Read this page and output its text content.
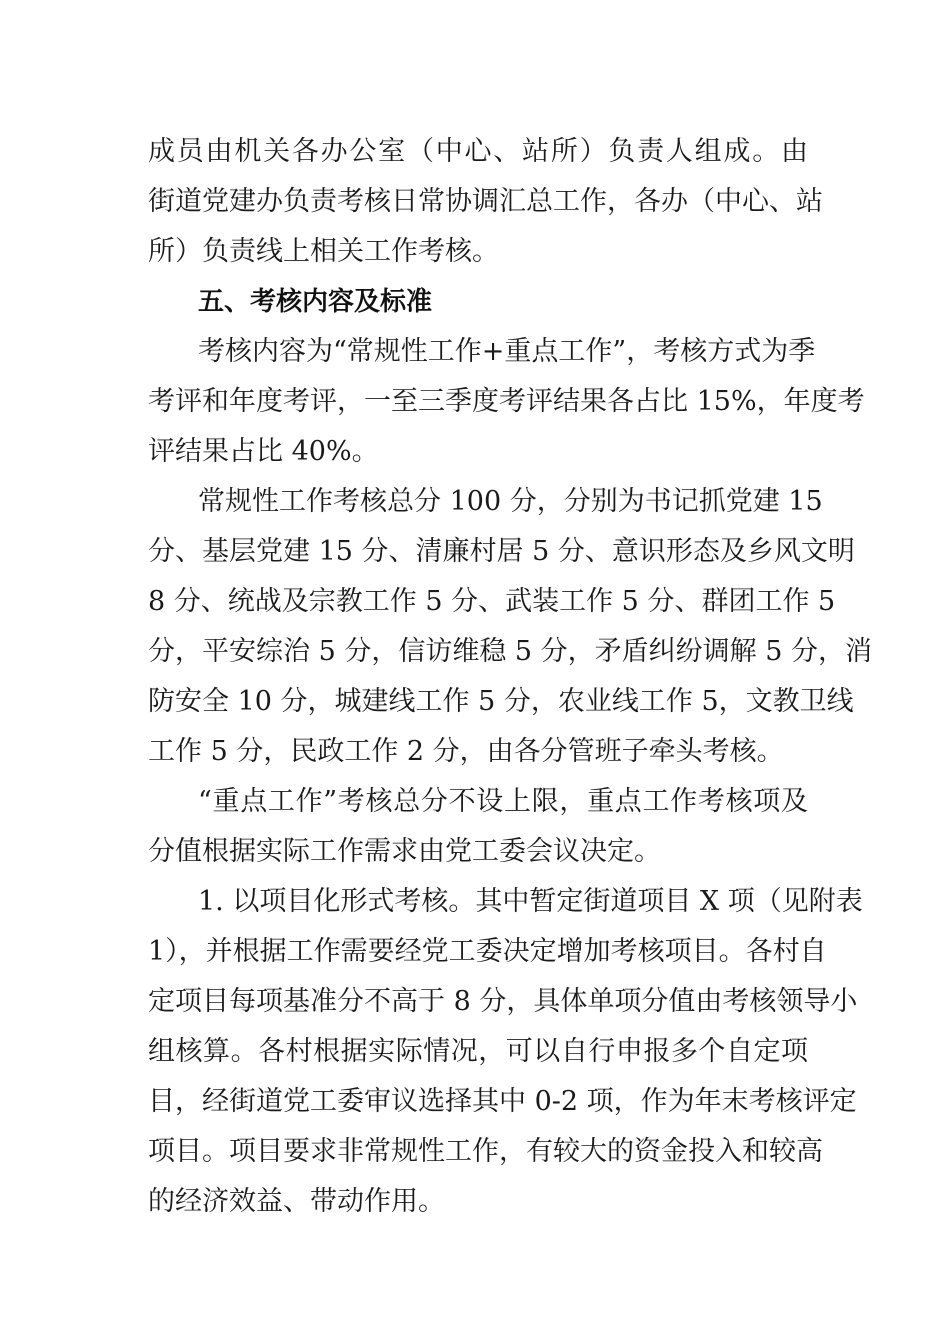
成员由机关各办公室（中心、站所）负责人组成。由
街道党建办负责考核日常协调汇总工作，各办（中心、站
所）负责线上相关工作考核。
五、考核内容及标准
考核内容为“常规性工作+重点工作”，考核方式为季
考评和年度考评，一至三季度考评结果各占比 15%，年度考
评结果占比 40%。
常规性工作考核总分 100 分，分别为书记抓党建 15
分、基层党建 15 分、清廉村居 5 分、意识形态及乡风文明
8 分、统战及宗教工作 5 分、武装工作 5 分、群团工作 5
分，平安综治 5 分，信访维稳 5 分，矛盾纠纷调解 5 分，消
防安全 10 分，城建线工作 5 分，农业线工作 5，文教卫线
工作 5 分，民政工作 2 分，由各分管班子牵头考核。
“重点工作”考核总分不设上限，重点工作考核项及
分值根据实际工作需求由党工委会议决定。
1. 以项目化形式考核。其中暂定街道项目 X 项（见附表
1），并根据工作需要经党工委决定增加考核项目。各村自
定项目每项基准分不高于 8 分，具体单项分值由考核领导小
组核算。各村根据实际情况，可以自行申报多个自定项
目，经街道党工委审议选择其中 0-2 项，作为年末考核评定
项目。项目要求非常规性工作，有较大的资金投入和较高
的经济效益、带动作用。
